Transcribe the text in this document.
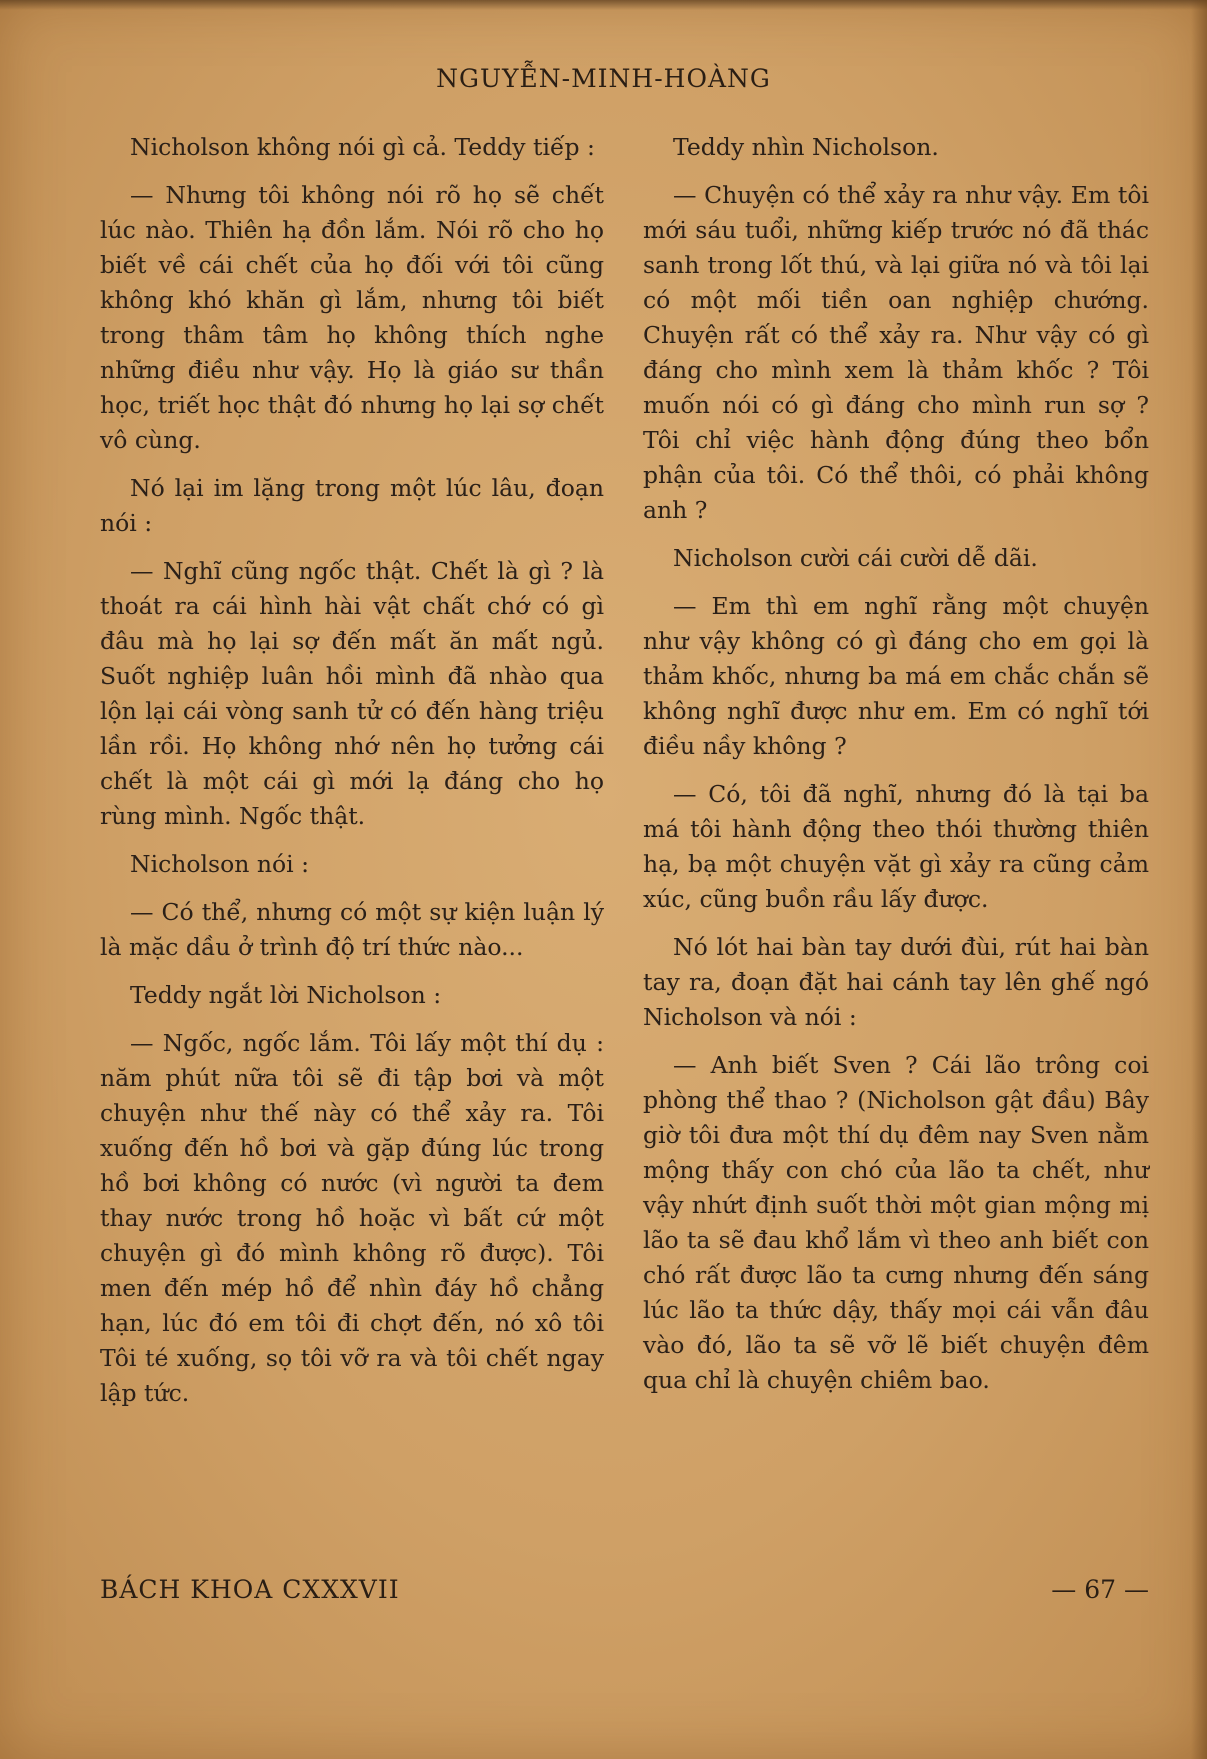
NGUYỄN-MINH-HOÀNG

Nicholson không nói gì cả. Teddy tiếp :

— Nhưng tôi không nói rõ họ sẽ chết lúc nào. Thiên hạ đồn lắm. Nói rõ cho họ biết về cái chết của họ đối với tôi cũng không khó khăn gì lắm, nhưng tôi biết trong thâm tâm họ không thích nghe những điều như vậy. Họ là giáo sư thần học, triết học thật đó nhưng họ lại sợ chết vô cùng.

Nó lại im lặng trong một lúc lâu, đoạn nói :

— Nghĩ cũng ngốc thật. Chết là gì ? là thoát ra cái hình hài vật chất chớ có gì đâu mà họ lại sợ đến mất ăn mất ngủ. Suốt nghiệp luân hồi mình đã nhào qua lộn lại cái vòng sanh tử có đến hàng triệu lần rồi. Họ không nhớ nên họ tưởng cái chết là một cái gì mới lạ đáng cho họ rùng mình. Ngốc thật.

Nicholson nói :

— Có thể, nhưng có một sự kiện luận lý là mặc dầu ở trình độ trí thức nào...

Teddy ngắt lời Nicholson :

— Ngốc, ngốc lắm. Tôi lấy một thí dụ : năm phút nữa tôi sẽ đi tập bơi và một chuyện như thế này có thể xảy ra. Tôi xuống đến hồ bơi và gặp đúng lúc trong hồ bơi không có nước (vì người ta đem thay nước trong hồ hoặc vì bất cứ một chuyện gì đó mình không rõ được). Tôi men đến mép hồ để nhìn đáy hồ chẳng hạn, lúc đó em tôi đi chợt đến, nó xô tôi Tôi té xuống, sọ tôi vỡ ra và tôi chết ngay lập tức.

Teddy nhìn Nicholson.

— Chuyện có thể xảy ra như vậy. Em tôi mới sáu tuổi, những kiếp trước nó đã thác sanh trong lốt thú, và lại giữa nó và tôi lại có một mối tiền oan nghiệp chướng. Chuyện rất có thể xảy ra. Như vậy có gì đáng cho mình xem là thảm khốc ? Tôi muốn nói có gì đáng cho mình run sợ ? Tôi chỉ việc hành động đúng theo bổn phận của tôi. Có thể thôi, có phải không anh ?

Nicholson cười cái cười dễ dãi.

— Em thì em nghĩ rằng một chuyện như vậy không có gì đáng cho em gọi là thảm khốc, nhưng ba má em chắc chắn sẽ không nghĩ được như em. Em có nghĩ tới điều nầy không ?

— Có, tôi đã nghĩ, nhưng đó là tại ba má tôi hành động theo thói thường thiên hạ, bạ một chuyện vặt gì xảy ra cũng cảm xúc, cũng buồn rầu lấy được.

Nó lót hai bàn tay dưới đùi, rút hai bàn tay ra, đoạn đặt hai cánh tay lên ghế ngó Nicholson và nói :

— Anh biết Sven ? Cái lão trông coi phòng thể thao ? (Nicholson gật đầu) Bây giờ tôi đưa một thí dụ đêm nay Sven nằm mộng thấy con chó của lão ta chết, như vậy nhứt định suốt thời một gian mộng mị lão ta sẽ đau khổ lắm vì theo anh biết con chó rất được lão ta cưng nhưng đến sáng lúc lão ta thức dậy, thấy mọi cái vẫn đâu vào đó, lão ta sẽ vỡ lẽ biết chuyện đêm qua chỉ là chuyện chiêm bao.

BÁCH KHOA CXXXVII	— 67 —
